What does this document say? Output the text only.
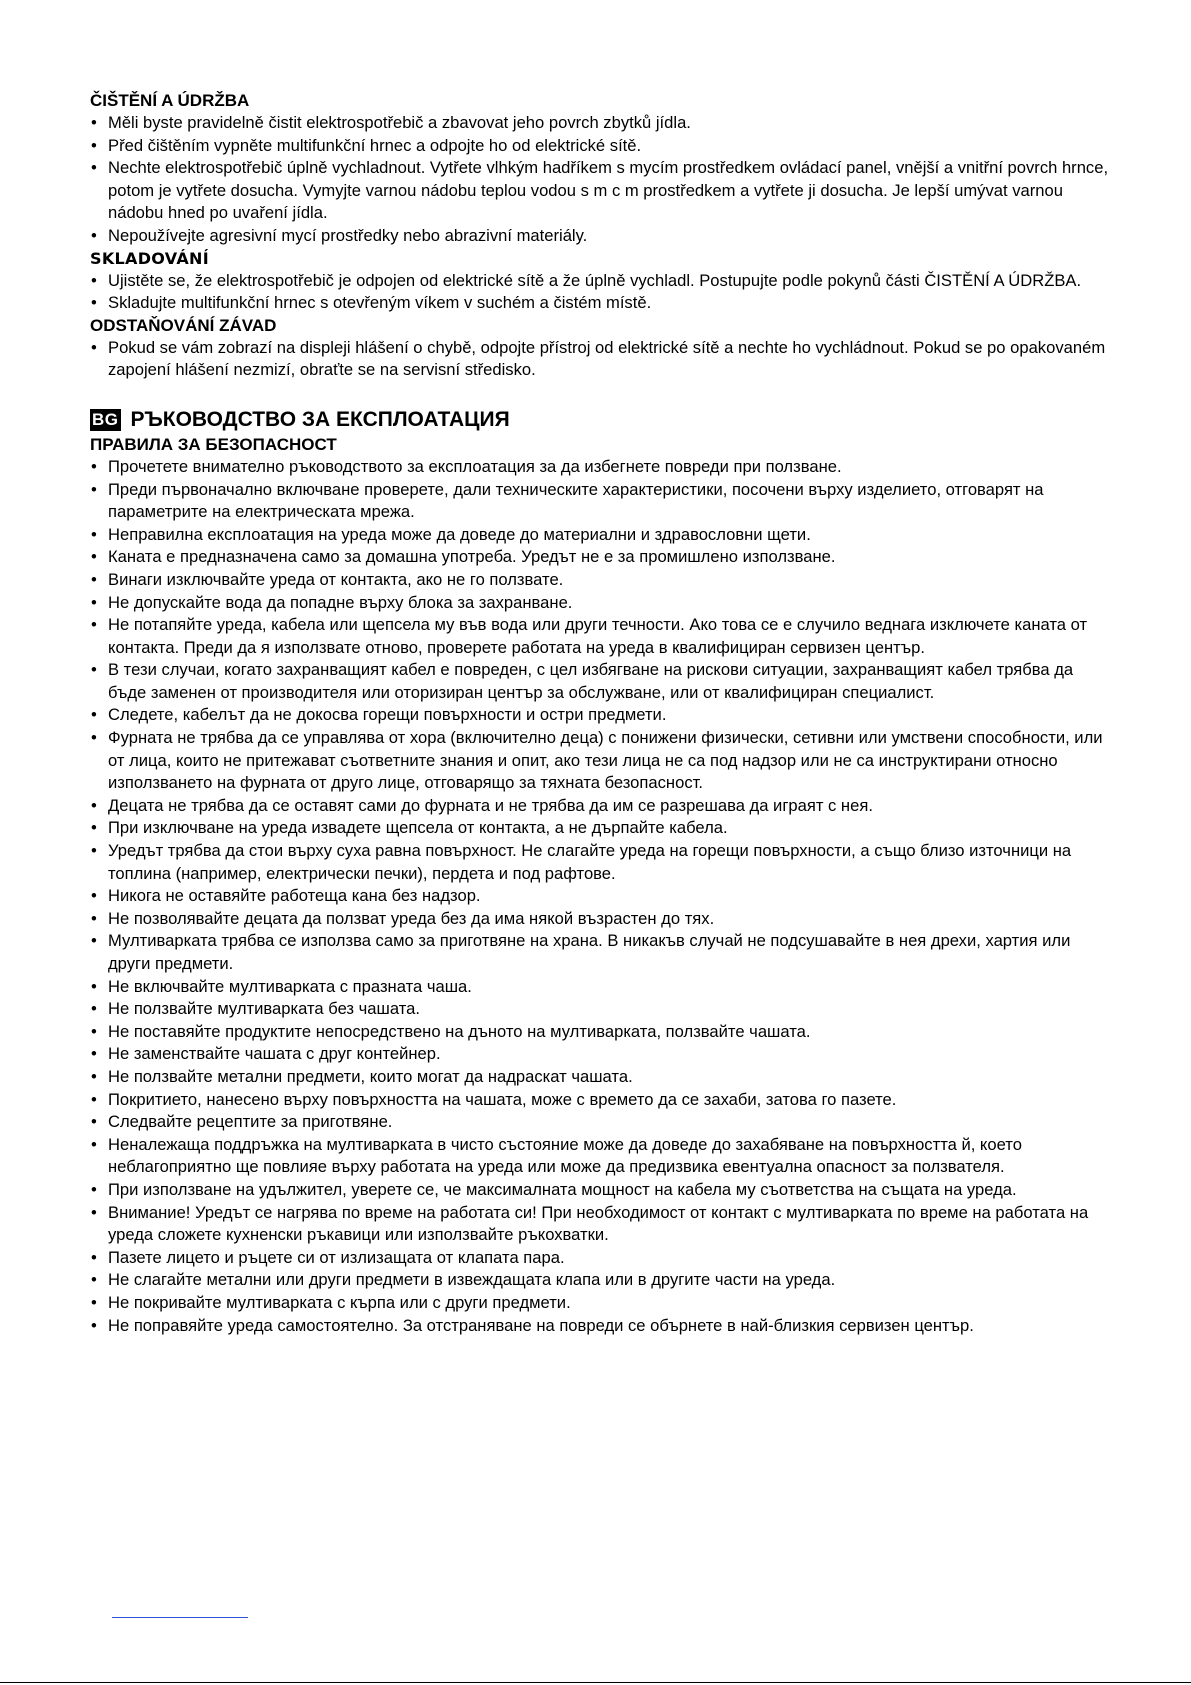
ČIŠTĚNÍ A ÚDRŽBA
• Měli byste pravidelně čistit elektrospotřebič a zbavovat jeho povrch zbytků jídla.
• Před čištěním vypněte multifunkční hrnec a odpojte ho od elektrické sítě.
• Nechte elektrospotřebič úplně vychladnout. Vytřete vlhkým hadříkem s mycím prostředkem ovládací panel, vnější a vnitřní povrch hrnce, potom je vytřete dosucha. Vymyjte varnou nádobu teplou vodou s m c m prostředkem a vytřete ji dosucha. Je lepší umývat varnou nádobu hned po uvaření jídla.
• Nepoužívejte agresivní mycí prostředky nebo abrazivní materiály.
SKLADOVÁNÍ
• Ujistěte se, že elektrospotřebič je odpojen od elektrické sítě a že úplně vychladl. Postupujte podle pokynů části ČISTĚNÍ A ÚDRŽBA.
• Skladujte multifunkční hrnec s otevřeným víkem v suchém a čistém místě.
ODSTAŇOVÁNÍ ZÁVAD
• Pokud se vám zobrazí na displeji hlášení o chybě, odpojte přístroj od elektrické sítě a nechte ho vychládnout. Pokud se po opakovaném zapojení hlášení nezmizí, obraťte se na servisní středisko.
BG РЪКОВОДСТВО ЗА ЕКСПЛОАТАЦИЯ
ПРАВИЛА ЗА БЕЗОПАСНОСТ
• Прочетете внимателно ръководството за експлоатация за да избегнете повреди при ползване.
• Преди първоначално включване проверете, дали техническите характеристики, посочени върху изделието, отговарят на параметрите на електрическата мрежа.
• Неправилна експлоатация на уреда може да доведе до материални и здравословни щети.
• Каната е предназначена само за домашна употреба. Уредът не е за промишлено използване.
• Винаги изключвайте уреда от контакта, ако не го ползвате.
• Не допускайте вода да попадне върху блока за захранване.
• Не потапяйте уреда, кабела или щепсела му във вода или други течности. Ако това се е случило веднага изключете каната от контакта. Преди да я използвате отново, проверете работата на уреда в квалифициран сервизен център.
• В тези случаи, когато захранващият кабел е повреден, с цел избягване на рискови ситуации, захранващият кабел трябва да бъде заменен от производителя или оторизиран център за обслужване, или от квалифициран специалист.
• Следете, кабелът да не докосва горещи повърхности и остри предмети.
• Фурната не трябва да се управлява от хора (включително деца) с понижени физически, сетивни или умствени способности, или от лица, които не притежават съответните знания и опит, ако тези лица не са под надзор или не са инструктирани относно използването на фурната от друго лице, отговарящо за тяхната безопасност.
• Децата не трябва да се оставят сами до фурната и не трябва да им се разрешава да играят с нея.
• При изключване на уреда извадете щепсела от контакта, а не дърпайте кабела.
• Уредът трябва да стои върху суха равна повърхност. Не слагайте уреда на горещи повърхности, а също близо източници на топлина (например, електрически печки), пердета и под рафтове.
• Никога не оставяйте работеща кана без надзор.
• Не позволявайте децата да ползват уреда без да има някой възрастен до тях.
• Мултиварката трябва се използва само за приготвяне на храна. В никакъв случай не подсушавайте в нея дрехи, хартия или други предмети.
• Не включвайте мултиварката с празната чаша.
• Не ползвайте мултиварката без чашата.
• Не поставяйте продуктите непосредствено на дъното на мултиварката, ползвайте чашата.
• Не заменствайте чашата с друг контейнер.
• Не ползвайте метални предмети, които могат да надраскат чашата.
• Покритието, нанесено върху повърхността на чашата, може с времето да се захаби, затова го пазете.
• Следвайте рецептите за приготвяне.
• Неналежаща поддръжка на мултиварката в чисто състояние може да доведе до захабяване на повърхността й, което неблагоприятно ще повлияе върху работата на уреда или може да предизвика евентуална опасност за ползвателя.
• При използване на удължител, уверете се, че максималната мощност на кабела му съответства на същата на уреда.
• Внимание! Уредът се нагрява по време на работата си! При необходимост от контакт с мултиварката по време на работата на уреда сложете кухненски ръкавици или използвайте ръкохватки.
• Пазете лицето и ръцете си от излизащата от клапата пара.
• Не слагайте метални или други предмети в извеждащата клапа или в другите части на уреда.
• Не покривайте мултиварката с кърпа или с други предмети.
• Не поправяйте уреда самостоятелно. За отстраняване на повреди се обърнете в най-близкия сервизен център.
